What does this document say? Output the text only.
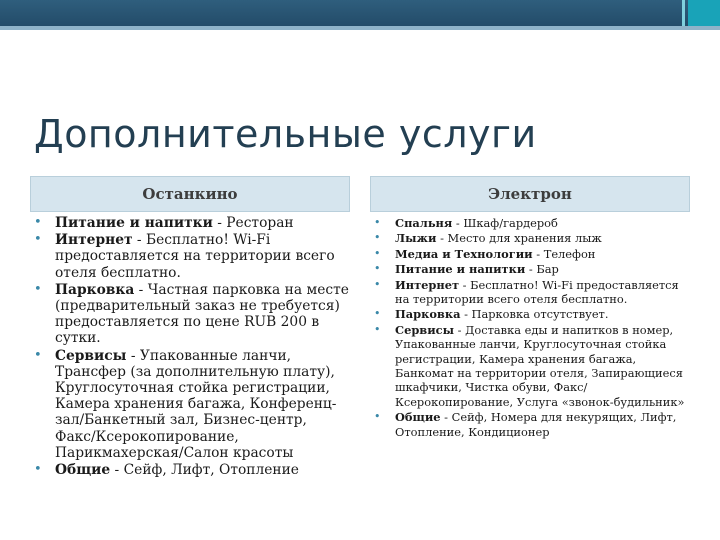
Дополнительные услуги
Останкино	Электрон
• Питание и напитки - Ресторан
• Интернет - Бесплатно! Wi-Fi предоставляется на территории всего отеля бесплатно.
• Парковка - Частная парковка на месте (предварительный заказ не требуется) предоставляется по цене RUB 200 в сутки.
• Сервисы - Упакованные ланчи, Трансфер (за дополнительную плату), Круглосуточная стойка регистрации, Камера хранения багажа, Конференц-зал/Банкетный зал, Бизнес-центр, Факс/Ксерокопирование, Парикмахерская/Салон красоты
• Общие - Сейф, Лифт, Отопление
• Спальня - Шкаф/гардероб
• Лыжи - Место для хранения лыж
• Медиа и Технологии - Телефон
• Питание и напитки - Бар
• Интернет - Бесплатно! Wi-Fi предоставляется на территории всего отеля бесплатно.
• Парковка - Парковка отсутствует.
• Сервисы - Доставка еды и напитков в номер, Упакованные ланчи, Круглосуточная стойка регистрации, Камера хранения багажа, Банкомат на территории отеля, Запирающиеся шкафчики, Чистка обуви, Факс/Ксерокопирование, Услуга «звонок-будильник»
• Общие - Сейф, Номера для некурящих, Лифт, Отопление, Кондиционер
